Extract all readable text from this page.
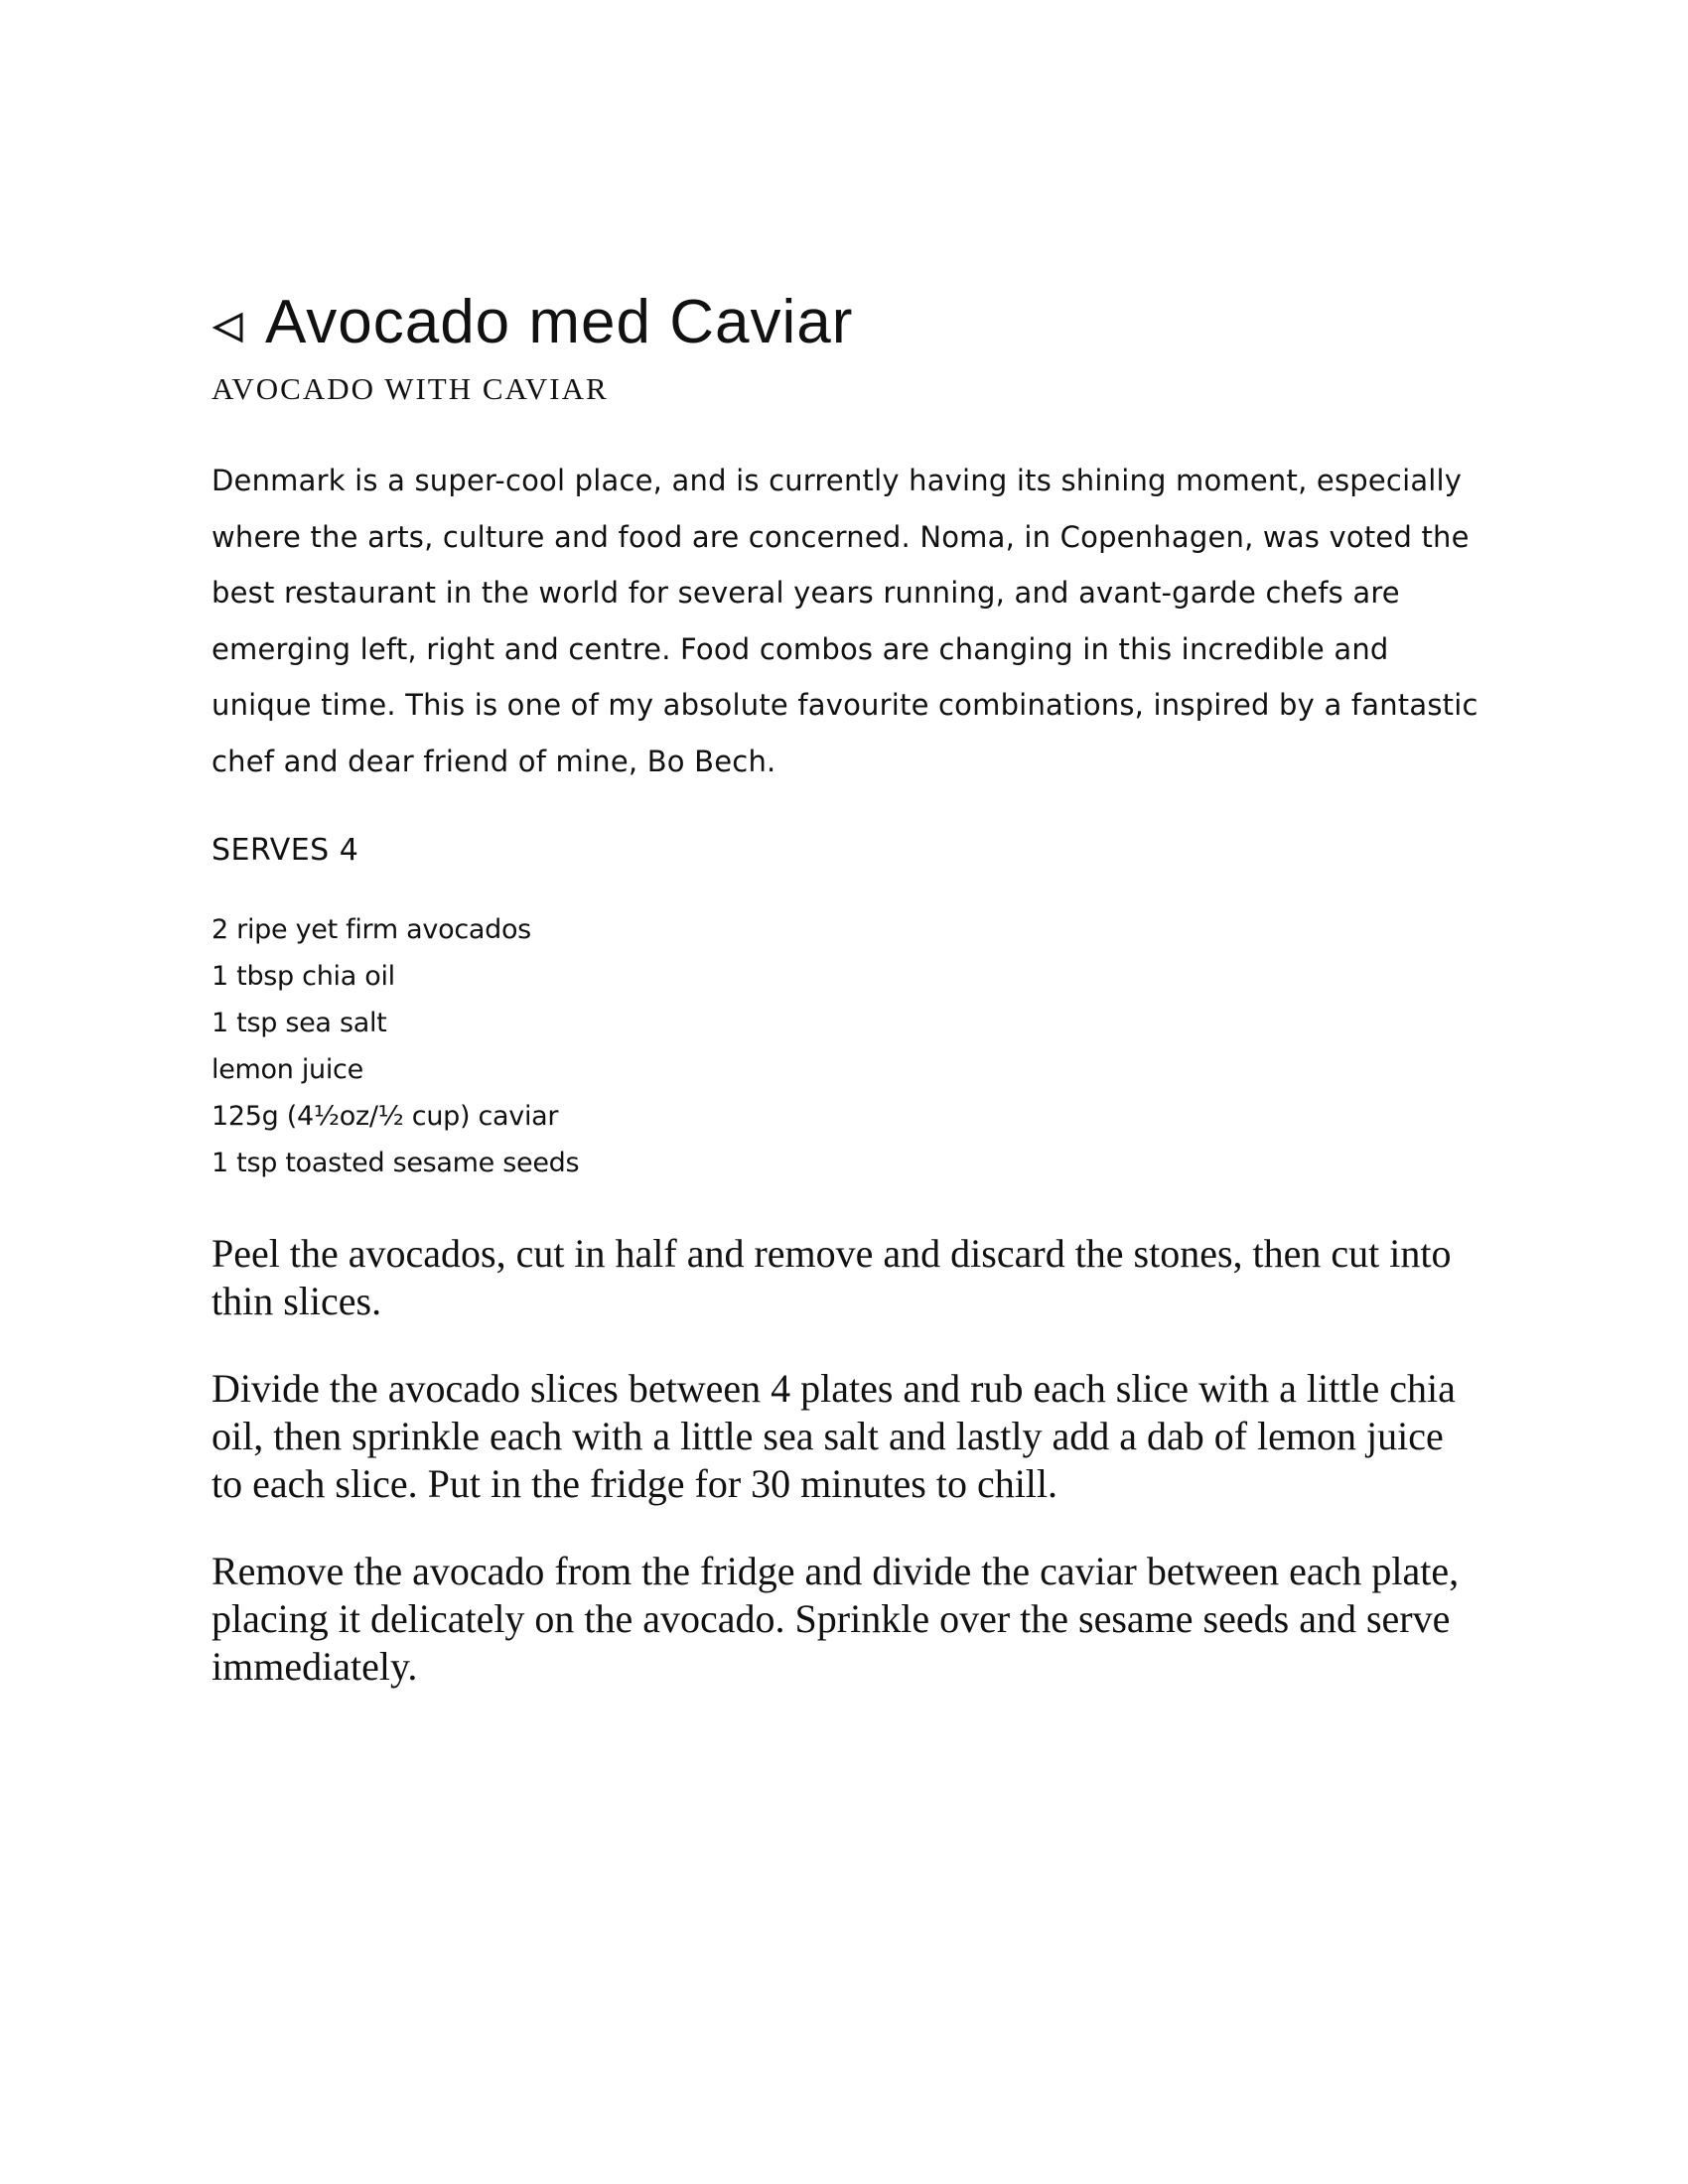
Avocado med Caviar
AVOCADO WITH CAVIAR
Denmark is a super-cool place, and is currently having its shining moment, especially where the arts, culture and food are concerned. Noma, in Copenhagen, was voted the best restaurant in the world for several years running, and avant-garde chefs are emerging left, right and centre. Food combos are changing in this incredible and unique time. This is one of my absolute favourite combinations, inspired by a fantastic chef and dear friend of mine, Bo Bech.
SERVES 4
2 ripe yet firm avocados
1 tbsp chia oil
1 tsp sea salt
lemon juice
125g (4½oz/½ cup) caviar
1 tsp toasted sesame seeds

Peel the avocados, cut in half and remove and discard the stones, then cut into thin slices.

Divide the avocado slices between 4 plates and rub each slice with a little chia oil, then sprinkle each with a little sea salt and lastly add a dab of lemon juice to each slice. Put in the fridge for 30 minutes to chill.

Remove the avocado from the fridge and divide the caviar between each plate, placing it delicately on the avocado. Sprinkle over the sesame seeds and serve immediately.
